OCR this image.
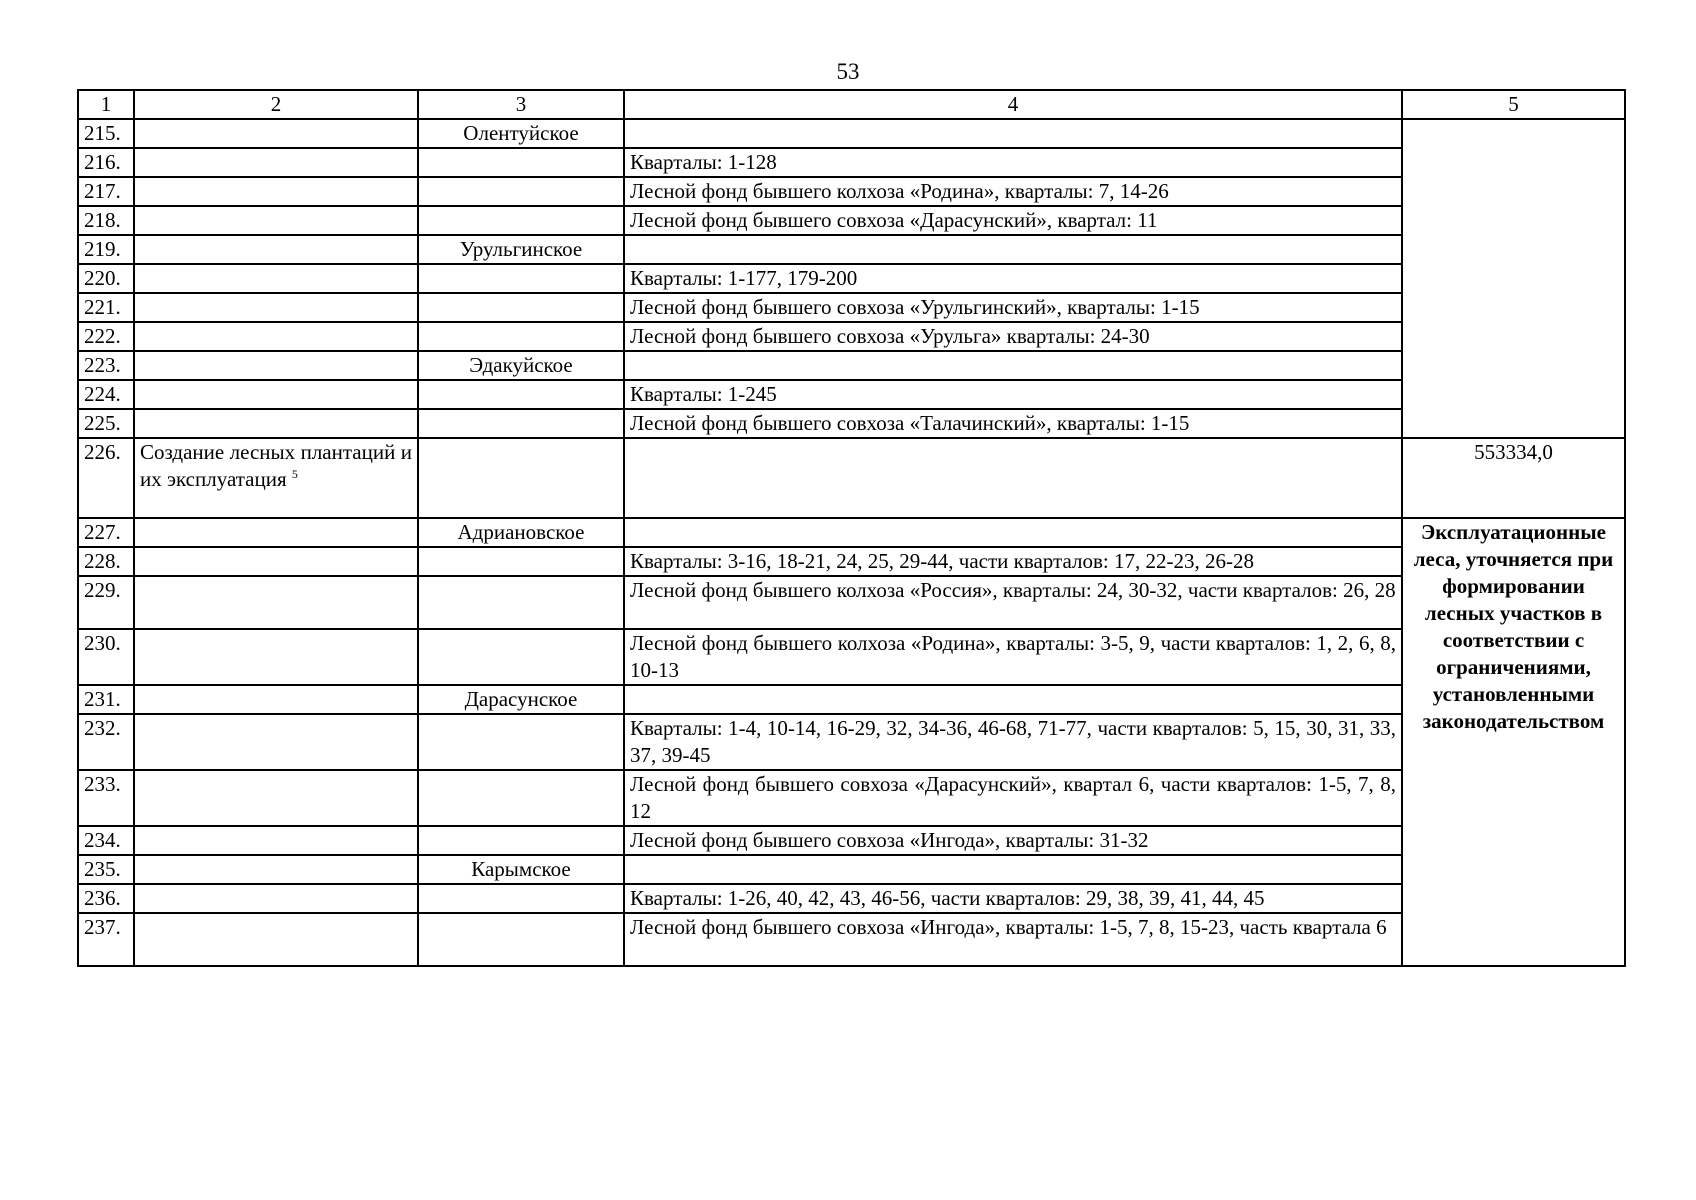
53
1	2	3	4	5
215.		Олентуйское		
216.			Кварталы: 1-128	
217.			Лесной фонд бывшего колхоза «Родина», кварталы: 7, 14-26	
218.			Лесной фонд бывшего совхоза «Дарасунский», квартал: 11	
219.		Урульгинское		
220.			Кварталы: 1-177, 179-200	
221.			Лесной фонд бывшего совхоза «Урульгинский», кварталы: 1-15	
222.			Лесной фонд бывшего совхоза «Урульга» кварталы: 24-30	
223.		Эдакуйское		
224.			Кварталы: 1-245	
225.			Лесной фонд бывшего совхоза «Талачинский», кварталы: 1-15	
226.	Создание лесных плантаций и их эксплуатация $^5$			553334,0
227.		Адриановское		Эксплуатационные леса, уточняется при формировании лесных участков в соответствии с ограничениями, установленными законодательством
228.			Кварталы: 3-16, 18-21, 24, 25, 29-44, части кварталов: 17, 22-23, 26-28	
229.			Лесной фонд бывшего колхоза «Россия», кварталы: 24, 30-32, части кварталов: 26, 28	
230.			Лесной фонд бывшего колхоза «Родина», кварталы: 3-5, 9, части кварталов: 1, 2, 6, 8, 10-13	
231.		Дарасунское		
232.			Кварталы: 1-4, 10-14, 16-29, 32, 34-36, 46-68, 71-77, части кварталов: 5, 15, 30, 31, 33, 37, 39-45	
233.			Лесной фонд бывшего совхоза «Дарасунский», квартал 6, части кварталов: 1-5, 7, 8, 12	
234.			Лесной фонд бывшего совхоза «Ингода», кварталы: 31-32	
235.		Карымское		
236.			Кварталы: 1-26, 40, 42, 43, 46-56, части кварталов: 29, 38, 39, 41, 44, 45	
237.			Лесной фонд бывшего совхоза «Ингода», кварталы: 1-5, 7, 8, 15-23, часть квартала 6	
